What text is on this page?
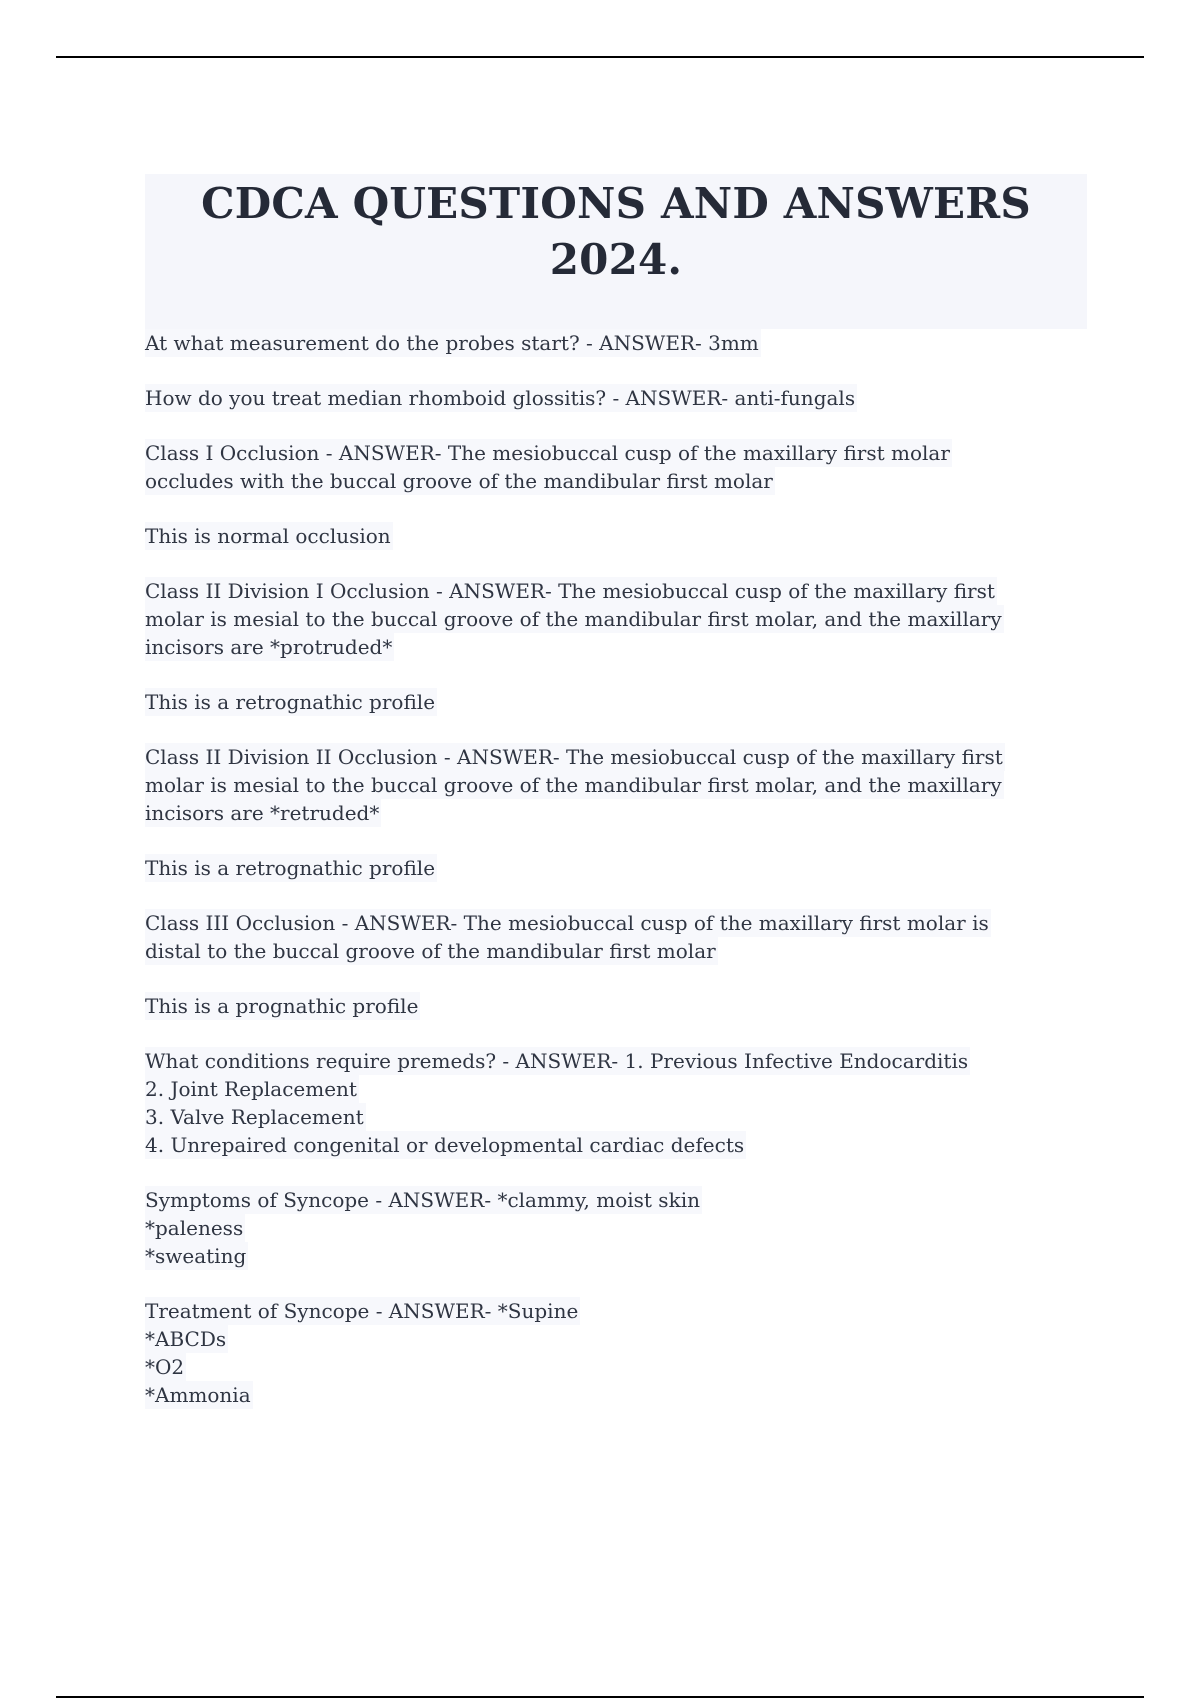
CDCA QUESTIONS AND ANSWERS
2024.
At what measurement do the probes start? - ANSWER- 3mm
How do you treat median rhomboid glossitis? - ANSWER- anti-fungals
Class I Occlusion - ANSWER- The mesiobuccal cusp of the maxillary first molar
occludes with the buccal groove of the mandibular first molar
This is normal occlusion
Class II Division I Occlusion - ANSWER- The mesiobuccal cusp of the maxillary first
molar is mesial to the buccal groove of the mandibular first molar, and the maxillary
incisors are *protruded*
This is a retrognathic profile
Class II Division II Occlusion - ANSWER- The mesiobuccal cusp of the maxillary first
molar is mesial to the buccal groove of the mandibular first molar, and the maxillary
incisors are *retruded*
This is a retrognathic profile
Class III Occlusion - ANSWER- The mesiobuccal cusp of the maxillary first molar is
distal to the buccal groove of the mandibular first molar
This is a prognathic profile
What conditions require premeds? - ANSWER- 1. Previous Infective Endocarditis
2. Joint Replacement
3. Valve Replacement
4. Unrepaired congenital or developmental cardiac defects
Symptoms of Syncope - ANSWER- *clammy, moist skin
*paleness
*sweating
Treatment of Syncope - ANSWER- *Supine
*ABCDs
*O2
*Ammonia
